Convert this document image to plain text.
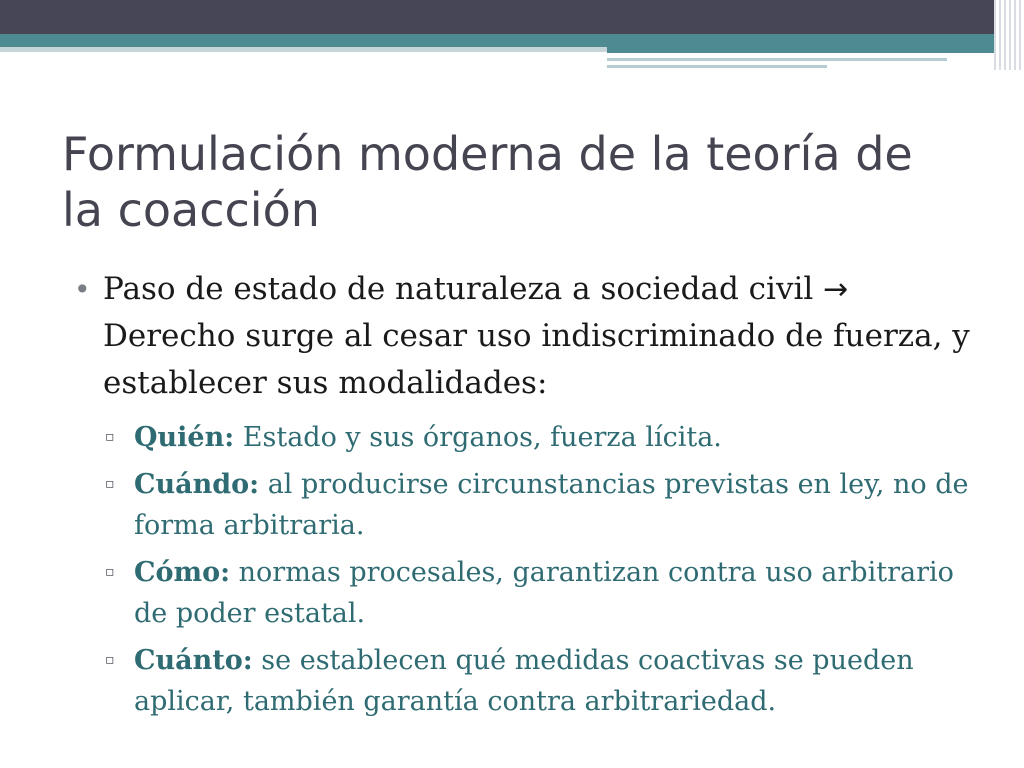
Formulación moderna de la teoría de la coacción
• Paso de estado de naturaleza a sociedad civil → Derecho surge al cesar uso indiscriminado de fuerza, y establecer sus modalidades:
▫ Quién: Estado y sus órganos, fuerza lícita.
▫ Cuándo: al producirse circunstancias previstas en ley, no de forma arbitraria.
▫ Cómo: normas procesales, garantizan contra uso arbitrario de poder estatal.
▫ Cuánto: se establecen qué medidas coactivas se pueden aplicar, también garantía contra arbitrariedad.
